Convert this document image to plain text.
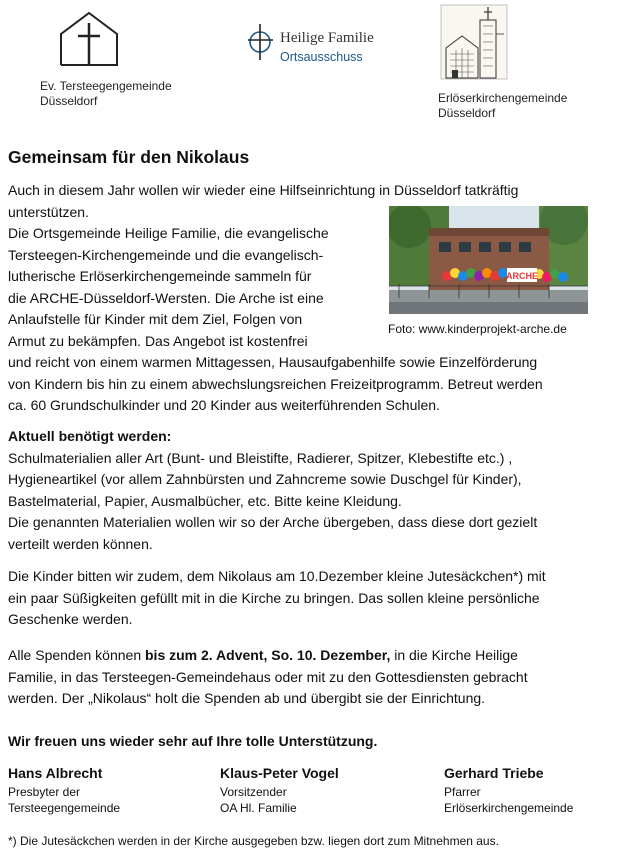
Ev. Tersteegengemeinde
Düsseldorf
Heilige Familie
Ortsausschuss
Erlöserkirchengemeinde
Düsseldorf
Gemeinsam für den Nikolaus
Auch in diesem Jahr wollen wir wieder eine Hilfseinrichtung in Düsseldorf tatkräftig
unterstützen.
Die Ortsgemeinde Heilige Familie, die evangelische
Tersteegen-Kirchengemeinde und die evangelisch-
lutherische Erlöserkirchengemeinde sammeln für
die ARCHE-Düsseldorf-Wersten. Die Arche ist eine
Anlaufstelle für Kinder mit dem Ziel, Folgen von
Armut zu bekämpfen. Das Angebot ist kostenfrei
und reicht von einem warmen Mittagessen, Hausaufgabenhilfe sowie Einzelförderung
von Kindern bis hin zu einem abwechslungsreichen Freizeitprogramm. Betreut werden
ca. 60 Grundschulkinder und 20 Kinder aus weiterführenden Schulen.
ARCHE
Foto: www.kinderprojekt-arche.de
Aktuell benötigt werden:
Schulmaterialien aller Art (Bunt- und Bleistifte, Radierer, Spitzer, Klebestifte etc.) ,
Hygieneartikel (vor allem Zahnbürsten und Zahncreme sowie Duschgel für Kinder),
Bastelmaterial, Papier, Ausmalbücher, etc. Bitte keine Kleidung.
Die genannten Materialien wollen wir so der Arche übergeben, dass diese dort gezielt
verteilt werden können.
Die Kinder bitten wir zudem, dem Nikolaus am 10.Dezember kleine Jutesäckchen*) mit
ein paar Süßigkeiten gefüllt mit in die Kirche zu bringen. Das sollen kleine persönliche
Geschenke werden.
Alle Spenden können bis zum 2. Advent, So. 10. Dezember, in die Kirche Heilige
Familie, in das Tersteegen-Gemeindehaus oder mit zu den Gottesdiensten gebracht
werden. Der „Nikolaus“ holt die Spenden ab und übergibt sie der Einrichtung.
Wir freuen uns wieder sehr auf Ihre tolle Unterstützung.
Hans Albrecht
Presbyter der
Tersteegengemeinde
Klaus-Peter Vogel
Vorsitzender
OA Hl. Familie
Gerhard Triebe
Pfarrer
Erlöserkirchengemeinde
*) Die Jutesäckchen werden in der Kirche ausgegeben bzw. liegen dort zum Mitnehmen aus.
